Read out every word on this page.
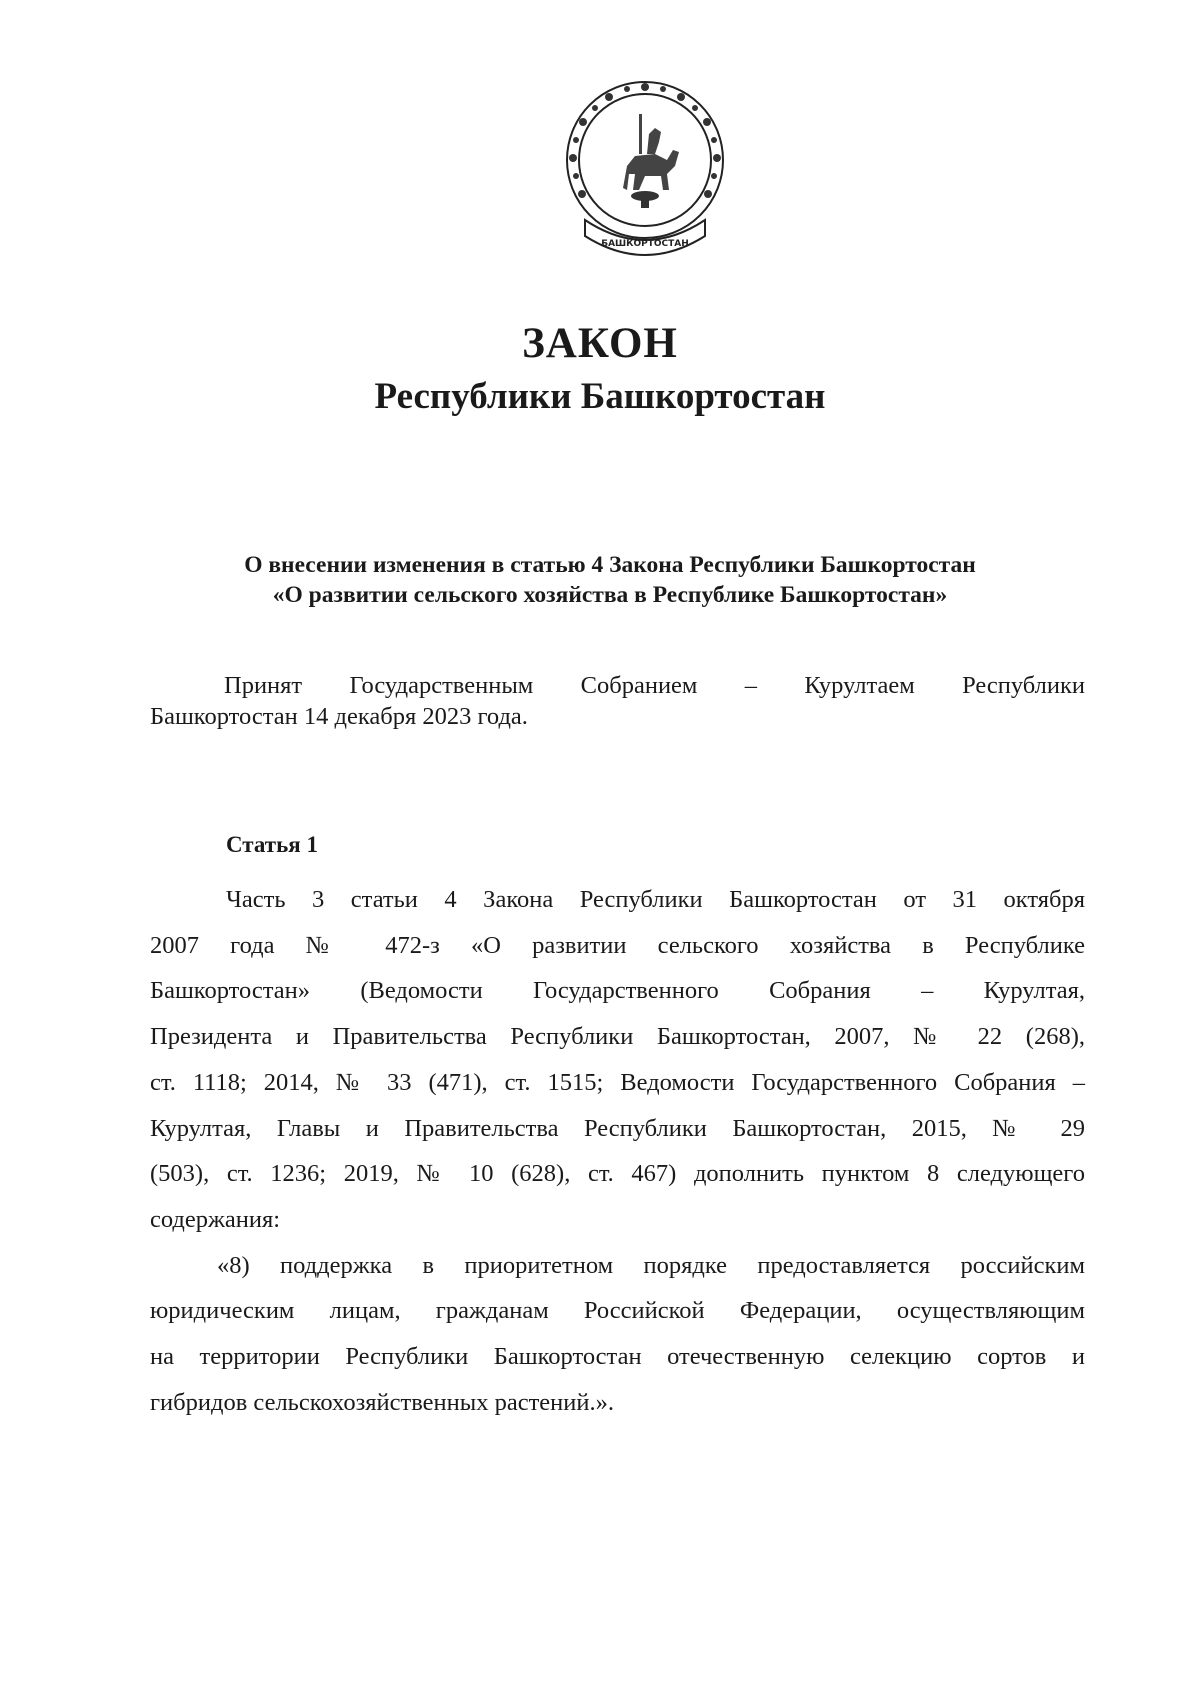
БАШКОРТОСТАН
ЗАКОН
Республики Башкортостан
О внесении изменения в статью 4 Закона Республики Башкортостан
«О развитии сельского хозяйства в Республике Башкортостан»
Принят Государственным Собранием – Курултаем Республики
Башкортостан 14 декабря 2023 года.
Статья 1
Часть 3 статьи 4 Закона Республики Башкортостан от 31 октября
2007 года № 472-з «О развитии сельского хозяйства в Республике
Башкортостан» (Ведомости Государственного Собрания – Курултая,
Президента и Правительства Республики Башкортостан, 2007, № 22 (268),
ст. 1118; 2014, № 33 (471), ст. 1515; Ведомости Государственного Собрания –
Курултая, Главы и Правительства Республики Башкортостан, 2015, № 29
(503), ст. 1236; 2019, № 10 (628), ст. 467) дополнить пунктом 8 следующего
содержания:
«8) поддержка в приоритетном порядке предоставляется российским
юридическим лицам, гражданам Российской Федерации, осуществляющим
на территории Республики Башкортостан отечественную селекцию сортов и
гибридов сельскохозяйственных растений.».
